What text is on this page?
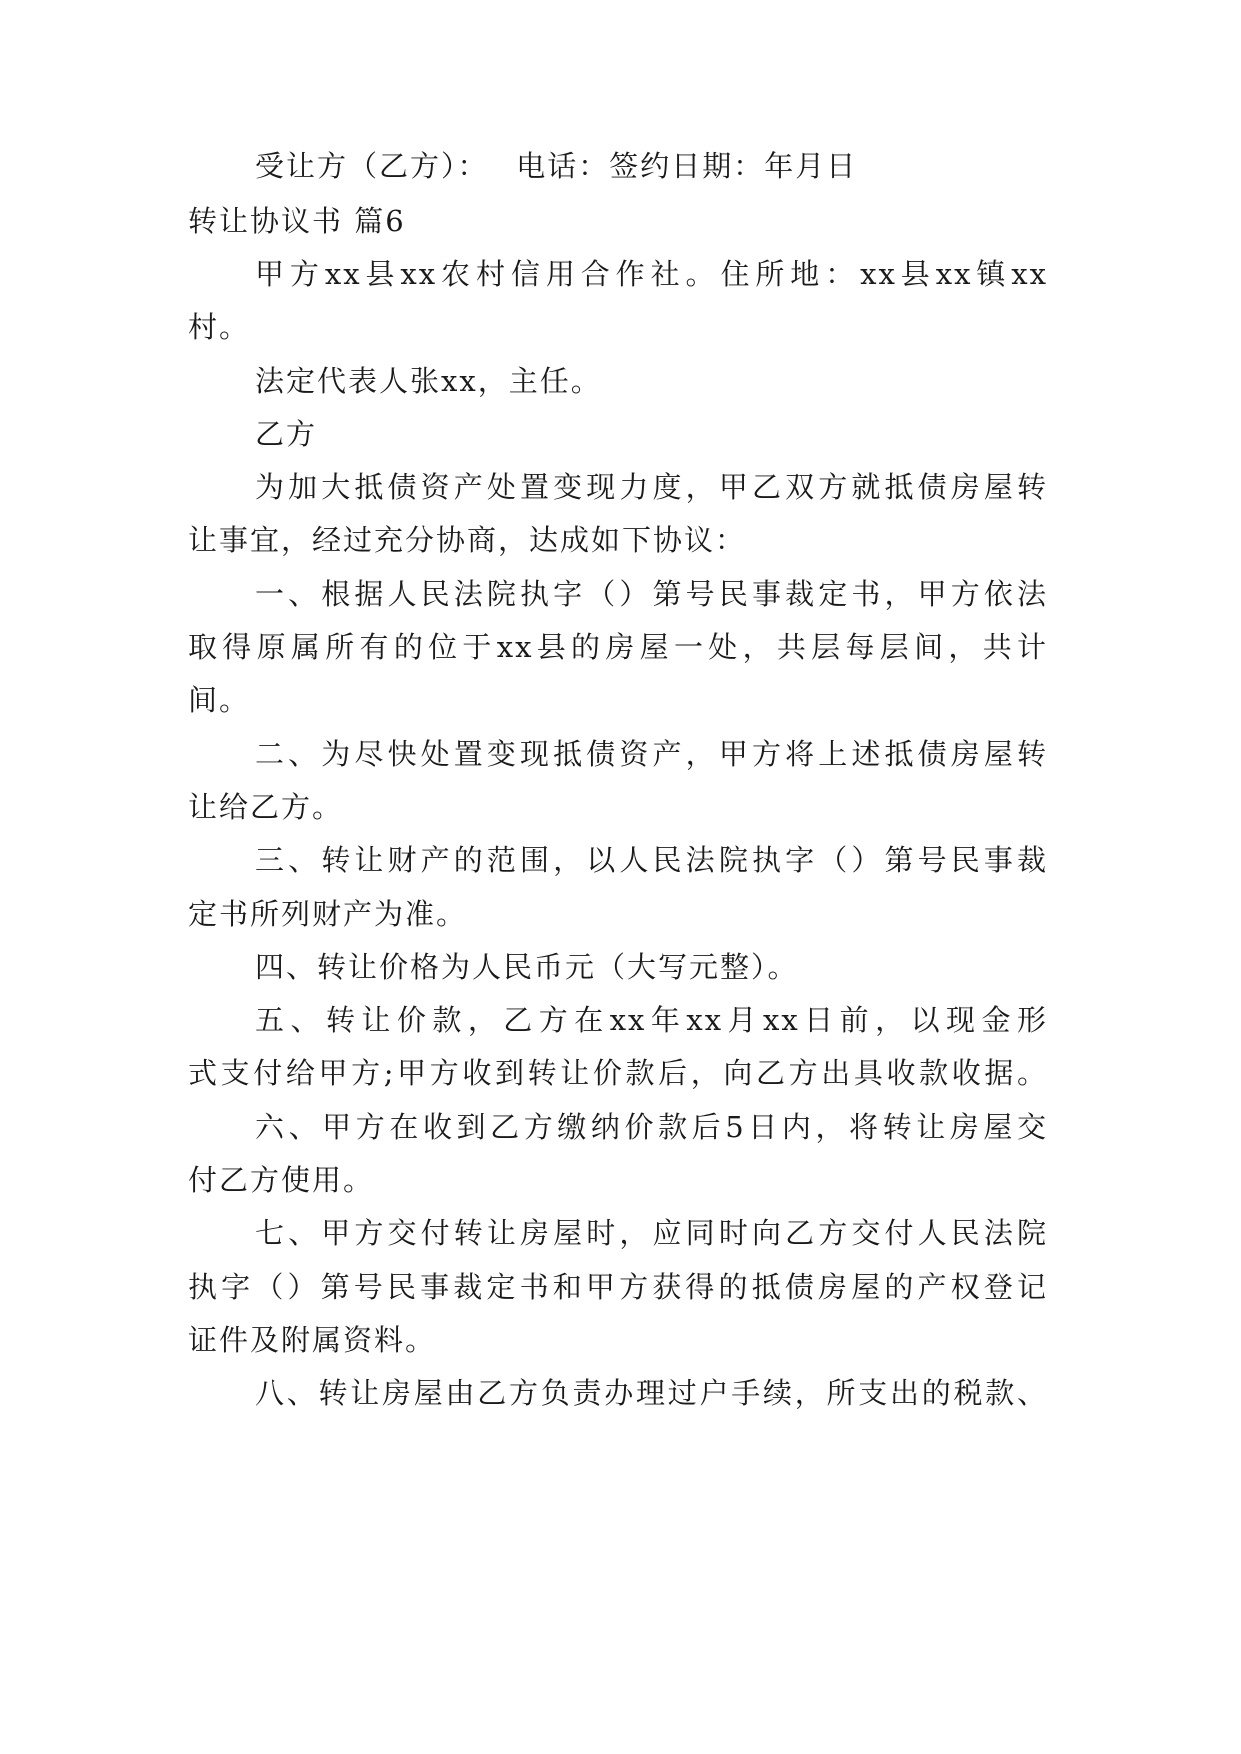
受让方（乙方）：　 电话：签约日期：年月日
转让协议书 篇6
甲方xx县xx农村信用合作社。住所地：xx县xx镇xx
村。
法定代表人张xx，主任。
乙方
为加大抵债资产处置变现力度，甲乙双方就抵债房屋转
让事宜，经过充分协商，达成如下协议：
一、根据人民法院执字（）第号民事裁定书，甲方依法
取得原属所有的位于xx县的房屋一处，共层每层间，共计
间。
二、为尽快处置变现抵债资产，甲方将上述抵债房屋转
让给乙方。
三、转让财产的范围，以人民法院执字（）第号民事裁
定书所列财产为准。
四、转让价格为人民币元（大写元整）。
五、转让价款，乙方在xx年xx月xx日前，以现金形
式支付给甲方;甲方收到转让价款后，向乙方出具收款收据。
六、甲方在收到乙方缴纳价款后5日内，将转让房屋交
付乙方使用。
七、甲方交付转让房屋时，应同时向乙方交付人民法院
执字（）第号民事裁定书和甲方获得的抵债房屋的产权登记
证件及附属资料。
八、转让房屋由乙方负责办理过户手续，所支出的税款、
